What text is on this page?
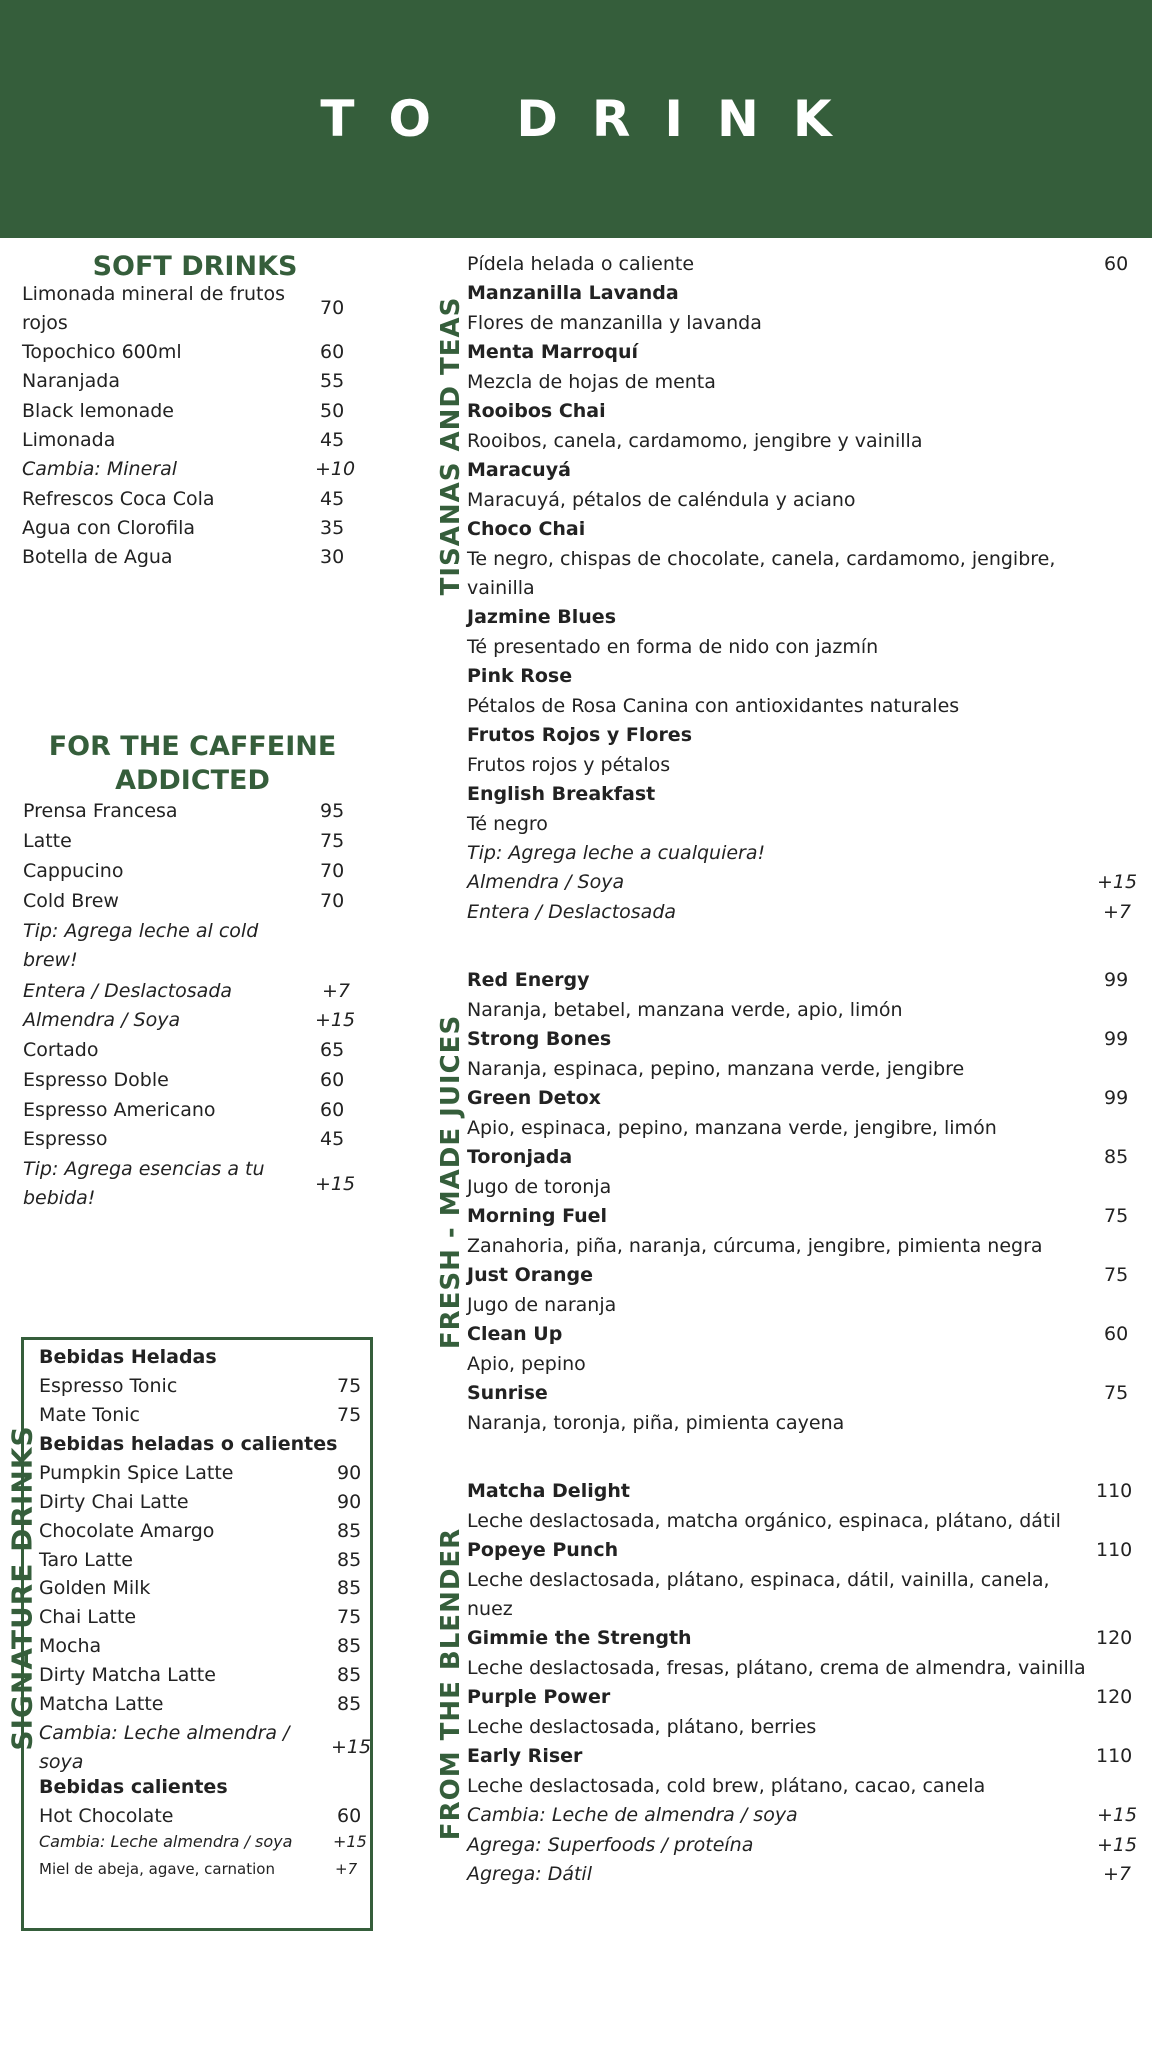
TO DRINK
SOFT DRINKS
Limonada mineral de frutos rojos
70
Topochico 600ml	60
Naranjada	55
Black lemonade	50
Limonada	45
Cambia: Mineral	+10
Refrescos Coca Cola	45
Agua con Clorofila	35
Botella de Agua	30
FOR THE CAFFEINE
ADDICTED
Prensa Francesa	95
Latte	75
Cappucino	70
Cold Brew	70
Tip: Agrega leche al cold brew!
Entera / Deslactosada	+7
Almendra / Soya	+15
Cortado	65
Espresso Doble	60
Espresso Americano	60
Espresso	45
Tip: Agrega esencias a tu bebida!
+15
SIGNATURE DRINKS
Bebidas Heladas
Espresso Tonic	75
Mate Tonic	75
Bebidas heladas o calientes
Pumpkin Spice Latte	90
Dirty Chai Latte	90
Chocolate Amargo	85
Taro Latte	85
Golden Milk	85
Chai Latte	75
Mocha	85
Dirty Matcha Latte	85
Matcha Latte	85
Cambia: Leche almendra / soya
+15
Bebidas calientes
Hot Chocolate	60
Cambia: Leche almendra / soya	+15
Miel de abeja, agave, carnation	+7
TISANAS AND TEAS
Pídela helada o caliente	60
Manzanilla Lavanda
Flores de manzanilla y lavanda
Menta Marroquí
Mezcla de hojas de menta
Rooibos Chai
Rooibos, canela, cardamomo, jengibre y vainilla
Maracuyá
Maracuyá, pétalos de caléndula y aciano
Choco Chai
Te negro, chispas de chocolate, canela, cardamomo, jengibre, vainilla
Jazmine Blues
Té presentado en forma de nido con jazmín
Pink Rose
Pétalos de Rosa Canina con antioxidantes naturales
Frutos Rojos y Flores
Frutos rojos y pétalos
English Breakfast
Té negro
Tip: Agrega leche a cualquiera!
Almendra / Soya	+15
Entera / Deslactosada	+7
FRESH - MADE JUICES
Red Energy	99
Naranja, betabel, manzana verde, apio, limón
Strong Bones	99
Naranja, espinaca, pepino, manzana verde, jengibre
Green Detox	99
Apio, espinaca, pepino, manzana verde, jengibre, limón
Toronjada	85
Jugo de toronja
Morning Fuel	75
Zanahoria, piña, naranja, cúrcuma, jengibre, pimienta negra
Just Orange	75
Jugo de naranja
Clean Up	60
Apio, pepino
Sunrise	75
Naranja, toronja, piña, pimienta cayena
FROM THE BLENDER
Matcha Delight	110
Leche deslactosada, matcha orgánico, espinaca, plátano, dátil
Popeye Punch	110
Leche deslactosada, plátano, espinaca, dátil, vainilla, canela, nuez
Gimmie the Strength	120
Leche deslactosada, fresas, plátano, crema de almendra, vainilla
Purple Power	120
Leche deslactosada, plátano, berries
Early Riser	110
Leche deslactosada, cold brew, plátano, cacao, canela
Cambia: Leche de almendra / soya	+15
Agrega: Superfoods / proteína	+15
Agrega: Dátil	+7
